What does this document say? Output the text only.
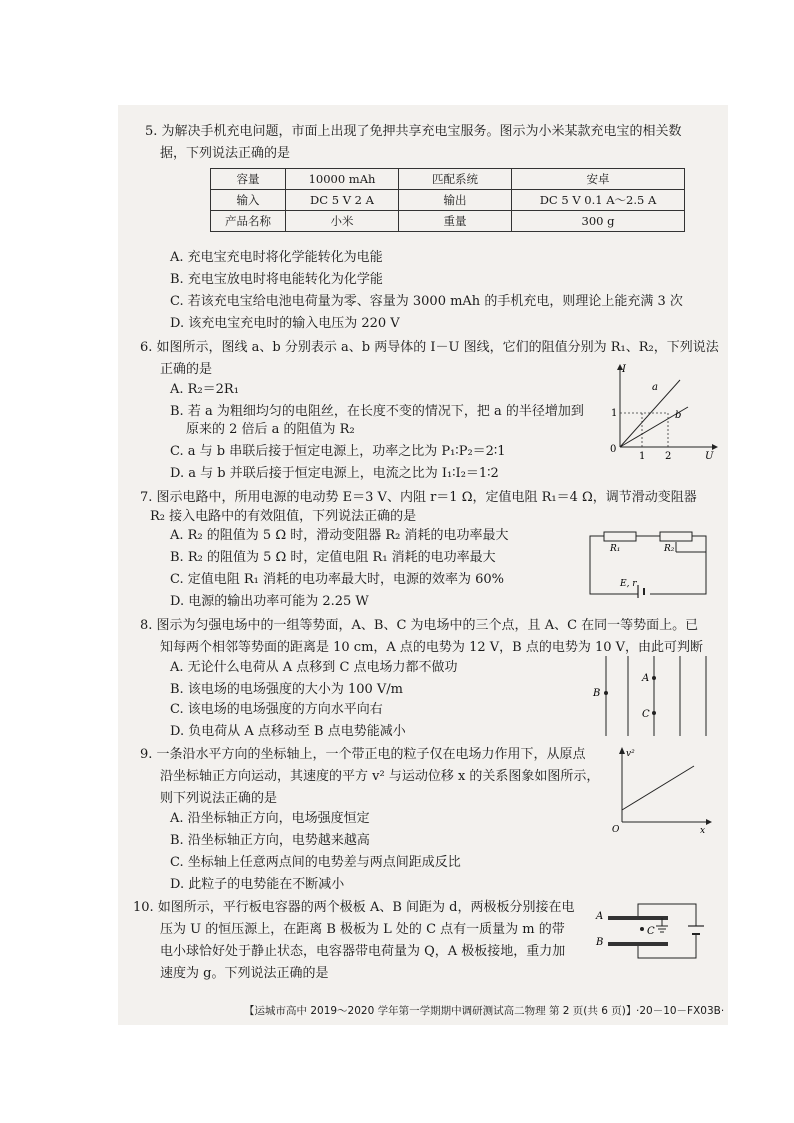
5. 为解决手机充电问题，市面上出现了免押共享充电宝服务。图示为小米某款充电宝的相关数
据，下列说法正确的是
容量	10000 mAh	匹配系统	安卓
输入	DC 5 V 2 A	输出	DC 5 V 0.1 A～2.5 A
产品名称	小米	重量	300 g
A. 充电宝充电时将化学能转化为电能
B. 充电宝放电时将电能转化为化学能
C. 若该充电宝给电池电荷量为零、容量为 3000 mAh 的手机充电，则理论上能充满 3 次
D. 该充电宝充电时的输入电压为 220 V
6. 如图所示，图线 a、b 分别表示 a、b 两导体的 I－U 图线，它们的阻值分别为 R₁、R₂，下列说法
正确的是
A. R₂＝2R₁
B. 若 a 为粗细均匀的电阻丝，在长度不变的情况下，把 a 的半径增加到
原来的 2 倍后 a 的阻值为 R₂
C. a 与 b 串联后接于恒定电源上，功率之比为 P₁∶P₂＝2∶1
D. a 与 b 并联后接于恒定电源上，电流之比为 I₁∶I₂＝1∶2
I
U
0
1 2
1
a
b
7. 图示电路中，所用电源的电动势 E＝3 V、内阻 r＝1 Ω，定值电阻 R₁＝4 Ω，调节滑动变阻器
R₂ 接入电路中的有效阻值，下列说法正确的是
A. R₂ 的阻值为 5 Ω 时，滑动变阻器 R₂ 消耗的电功率最大
B. R₂ 的阻值为 5 Ω 时，定值电阻 R₁ 消耗的电功率最大
C. 定值电阻 R₁ 消耗的电功率最大时，电源的效率为 60%
D. 电源的输出功率可能为 2.25 W
R₁	R₂
E, r
8. 图示为匀强电场中的一组等势面，A、B、C 为电场中的三个点，且 A、C 在同一等势面上。已
知每两个相邻等势面的距离是 10 cm，A 点的电势为 12 V，B 点的电势为 10 V，由此可判断
A. 无论什么电荷从 A 点移到 C 点电场力都不做功
B. 该电场的电场强度的大小为 100 V/m
C. 该电场的电场强度的方向水平向右
D. 负电荷从 A 点移动至 B 点电势能减小
B
A
C
9. 一条沿水平方向的坐标轴上，一个带正电的粒子仅在电场力作用下，从原点
沿坐标轴正方向运动，其速度的平方 v² 与运动位移 x 的关系图象如图所示，
则下列说法正确的是
A. 沿坐标轴正方向，电场强度恒定
B. 沿坐标轴正方向，电势越来越高
C. 坐标轴上任意两点间的电势差与两点间距成反比
D. 此粒子的电势能在不断减小
v²
x
O
10. 如图所示，平行板电容器的两个极板 A、B 间距为 d，两极板分别接在电
压为 U 的恒压源上，在距离 B 极板为 L 处的 C 点有一质量为 m 的带
电小球恰好处于静止状态，电容器带电荷量为 Q，A 极板接地，重力加
速度为 g。下列说法正确的是
A
B
C
【运城市高中 2019～2020 学年第一学期期中调研测试高二物理 第 2 页(共 6 页)】 ·20－10－FX03B·
